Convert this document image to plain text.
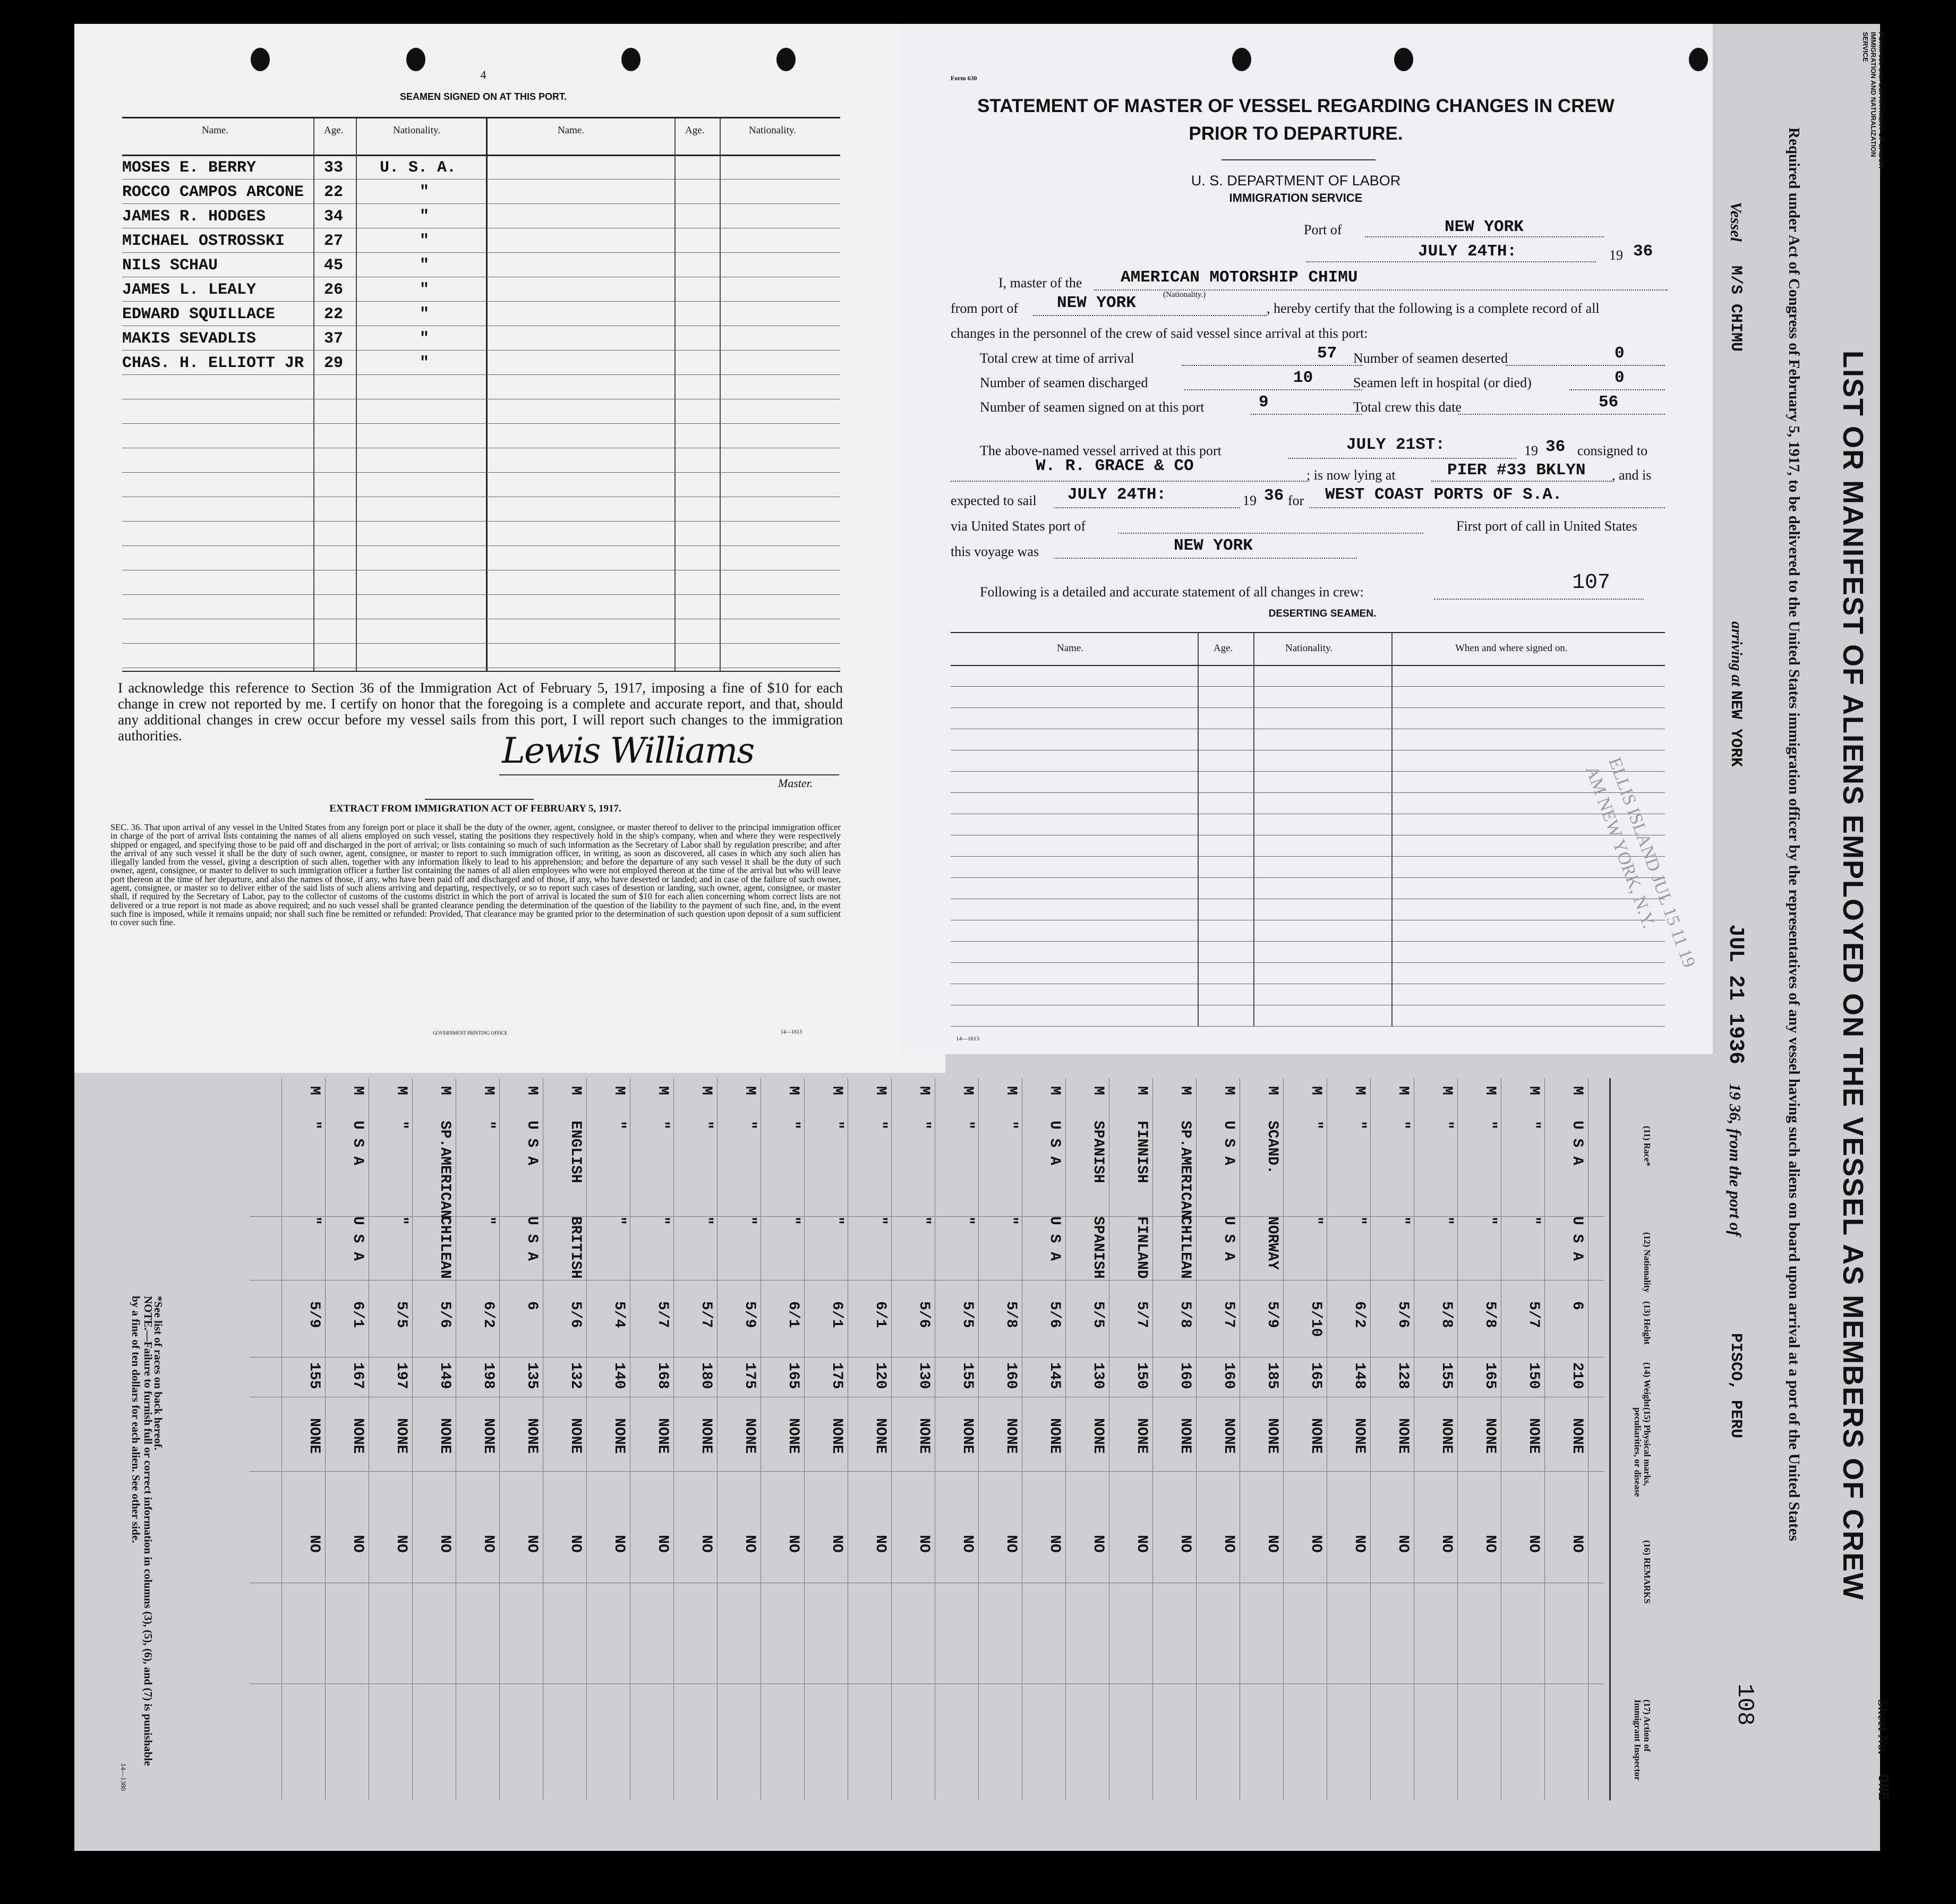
LIST OR MANIFEST OF ALIENS EMPLOYED ON THE VESSEL AS MEMBERS OF CREW
Required under Act of Congress of February 5, 1917, to be delivered to the United States immigration officer by the representatives of any vessel having such aliens on board upon arrival at a port of the United States
FORM 630 U.S. DEPARTMENT OF LABOR IMMIGRATION AND NATURALIZATION SERVICE
Vessel
M/S CHIMU
arriving at
NEW YORK
JUL 21 1936
19 36, from the port of
PISCO, PERU
Sheet No.
ONE
108
(11) Race*
(12) Nationality
(13) Height
(14) Weight
(15) Physical marks, peculiarities, or disease
(16) REMARKS
(17) Action of Immigrant Inspector
M
U S A
U S A
6
210
NONE
NO
M
"
"
5/7
150
NONE
NO
M
"
"
5/8
165
NONE
NO
M
"
"
5/8
155
NONE
NO
M
"
"
5/6
128
NONE
NO
M
"
"
6/2
148
NONE
NO
M
"
"
5/10
165
NONE
NO
M
SCAND.
NORWAY
5/9
185
NONE
NO
M
U S A
U S A
5/7
160
NONE
NO
M
SP.AMERICAN
CHILEAN
5/8
160
NONE
NO
M
FINNISH
FINLAND
5/7
150
NONE
NO
M
SPANISH
SPANISH
5/5
130
NONE
NO
M
U S A
U S A
5/6
145
NONE
NO
M
"
"
5/8
160
NONE
NO
M
"
"
5/5
155
NONE
NO
M
"
"
5/6
130
NONE
NO
M
"
"
6/1
120
NONE
NO
M
"
"
6/1
175
NONE
NO
M
"
"
6/1
165
NONE
NO
M
"
"
5/9
175
NONE
NO
M
"
"
5/7
180
NONE
NO
M
"
"
5/7
168
NONE
NO
M
"
"
5/4
140
NONE
NO
M
ENGLISH
BRITISH
5/6
132
NONE
NO
M
U S A
U S A
6
135
NONE
NO
M
"
"
6/2
198
NONE
NO
M
SP.AMERICAN
CHILEAN
5/6
149
NONE
NO
M
"
"
5/5
197
NONE
NO
M
U S A
U S A
6/1
167
NONE
NO
M
"
"
5/9
155
NONE
NO
*See list of races on back hereof.
NOTE.—Failure to furnish full or correct information in columns (3), (5), (6), and (7) is punishable by a fine of ten dollars for each alien. See other side.
14—1380
4
SEAMEN SIGNED ON AT THIS PORT.
Name.	Age.	Nationality.	Name.	Age.	Nationality.
MOSES E. BERRY	33 U. S. A.
ROCCO CAMPOS ARCONE 22	"
JAMES R. HODGES	34	"
MICHAEL OSTROSSKI 27	"
NILS SCHAU	45	"
JAMES L. LEALY	26	"
EDWARD SQUILLACE	22	"
MAKIS SEVADLIS	37	"
CHAS. H. ELLIOTT JR 29	"
I acknowledge this reference to Section 36 of the Immigration Act of February 5, 1917, imposing a fine of $10 for each change in crew not reported by me. I certify on honor that the foregoing is a complete and accurate report, and that, should any additional changes in crew occur before my vessel sails from this port, I will report such changes to the immigration authorities.	Lewis Williams
Master.
EXTRACT FROM IMMIGRATION ACT OF FEBRUARY 5, 1917.
SEC. 36. That upon arrival of any vessel in the United States from any foreign port or place it shall be the duty of the owner, agent, consignee, or master thereof to deliver to the principal immigration officer in charge of the port of arrival lists containing the names of all aliens employed on such vessel, stating the positions they respectively hold in the ship's company, when and where they were respectively shipped or engaged, and specifying those to be paid off and discharged in the port of arrival; or lists containing so much of such information as the Secretary of Labor shall by regulation prescribe; and after the arrival of any such vessel it shall be the duty of such owner, agent, consignee, or master to report to such immigration officer, in writing, as soon as discovered, all cases in which any such alien has illegally landed from the vessel, giving a description of such alien, together with any information likely to lead to his apprehension; and before the departure of any such vessel it shall be the duty of such owner, agent, consignee, or master to deliver to such immigration officer a further list containing the names of all alien employees who were not employed thereon at the time of the arrival but who will leave port thereon at the time of her departure, and also the names of those, if any, who have been paid off and discharged and of those, if any, who have deserted or landed; and in case of the failure of such owner, agent, consignee, or master so to deliver either of the said lists of such aliens arriving and departing, respectively, or so to report such cases of desertion or landing, such owner, agent, consignee, or master shall, if required by the Secretary of Labor, pay to the collector of customs of the customs district in which the port of arrival is located the sum of $10 for each alien concerning whom correct lists are not delivered or a true report is not made as above required; and no such vessel shall be granted clearance pending the determination of the question of the liability to the payment of such fine, and, in the event such fine is imposed, while it remains unpaid; nor shall such fine be remitted or refunded: Provided, That clearance may be granted prior to the determination of such question upon deposit of a sum sufficient to cover such fine.
GOVERNMENT PRINTING OFFICE	14—1613
Form 630
STATEMENT OF MASTER OF VESSEL REGARDING CHANGES IN CREW
PRIOR TO DEPARTURE.
U. S. DEPARTMENT OF LABOR
IMMIGRATION SERVICE
Port of	NEW YORK
JULY 24TH:	19 36
I, master of the AMERICAN MOTORSHIP CHIMU
(Nationality.)
from port of NEW YORK	, hereby certify that the following is a complete record of all
changes in the personnel of the crew of said vessel since arrival at this port:
Total crew at time of arrival	57 Number of seamen deserted	0
Number of seamen discharged	10	Seamen left in hospital (or died)	0
Number of seamen signed on at this port	9	Total crew this date	56
The above-named vessel arrived at this port	JULY 21ST:	19 36 consigned to
W. R. GRACE & CO	; is now lying at	PIER #33 BKLYN , and is
expected to sail JULY 24TH:	19 36 for WEST COAST PORTS OF S.A.
via United States port of	First port of call in United States
this voyage was	NEW YORK
Following is a detailed and accurate statement of all changes in crew:	107
DESERTING SEAMEN.
Name.	Age.	Nationality.	When and where signed on.
14—1613
ELLIS ISLAND JUL 15 11 19 AM NEW YORK, N.Y.
